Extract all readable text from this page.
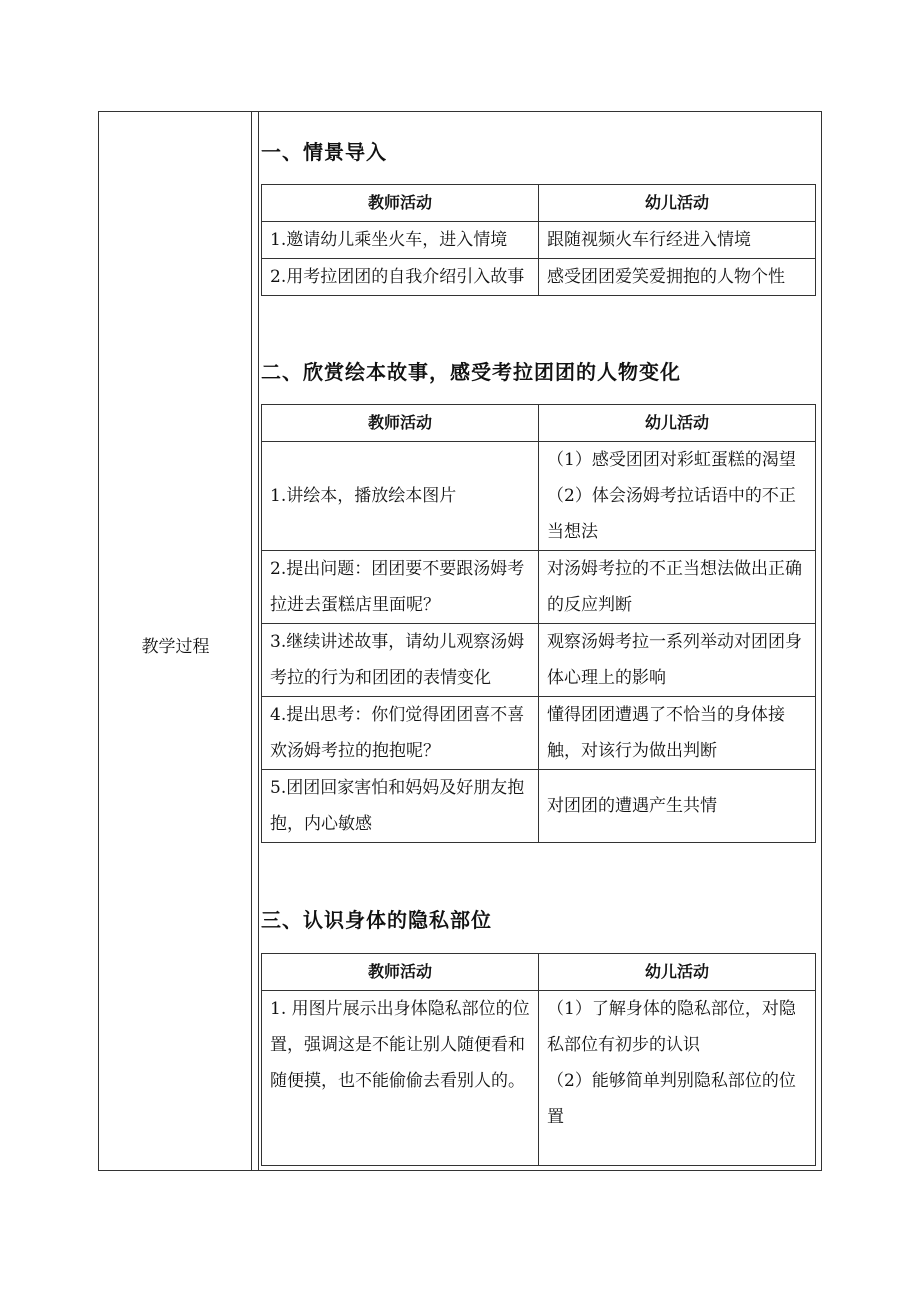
教学过程
一、情景导入
教师活动	幼儿活动
1.邀请幼儿乘坐火车，进入情境	跟随视频火车行经进入情境
2.用考拉团团的自我介绍引入故事	感受团团爱笑爱拥抱的人物个性
二、欣赏绘本故事，感受考拉团团的人物变化
教师活动	幼儿活动
1.讲绘本，播放绘本图片	（1）感受团团对彩虹蛋糕的渴望
（2）体会汤姆考拉话语中的不正当想法

2.提出问题：团团要不要跟汤姆考拉进去蛋糕店里面呢？	对汤姆考拉的不正当想法做出正确的反应判断
3.继续讲述故事，请幼儿观察汤姆考拉的行为和团团的表情变化	观察汤姆考拉一系列举动对团团身体心理上的影响
4.提出思考：你们觉得团团喜不喜欢汤姆考拉的抱抱呢？	懂得团团遭遇了不恰当的身体接触，对该行为做出判断
5.团团回家害怕和妈妈及好朋友抱抱，内心敏感	对团团的遭遇产生共情
三、认识身体的隐私部位
教师活动	幼儿活动
1. 用图片展示出身体隐私部位的位置，强调这是不能让别人随便看和随便摸，也不能偷偷去看别人的。	（1）了解身体的隐私部位，对隐私部位有初步的认识
（2）能够简单判别隐私部位的位置
